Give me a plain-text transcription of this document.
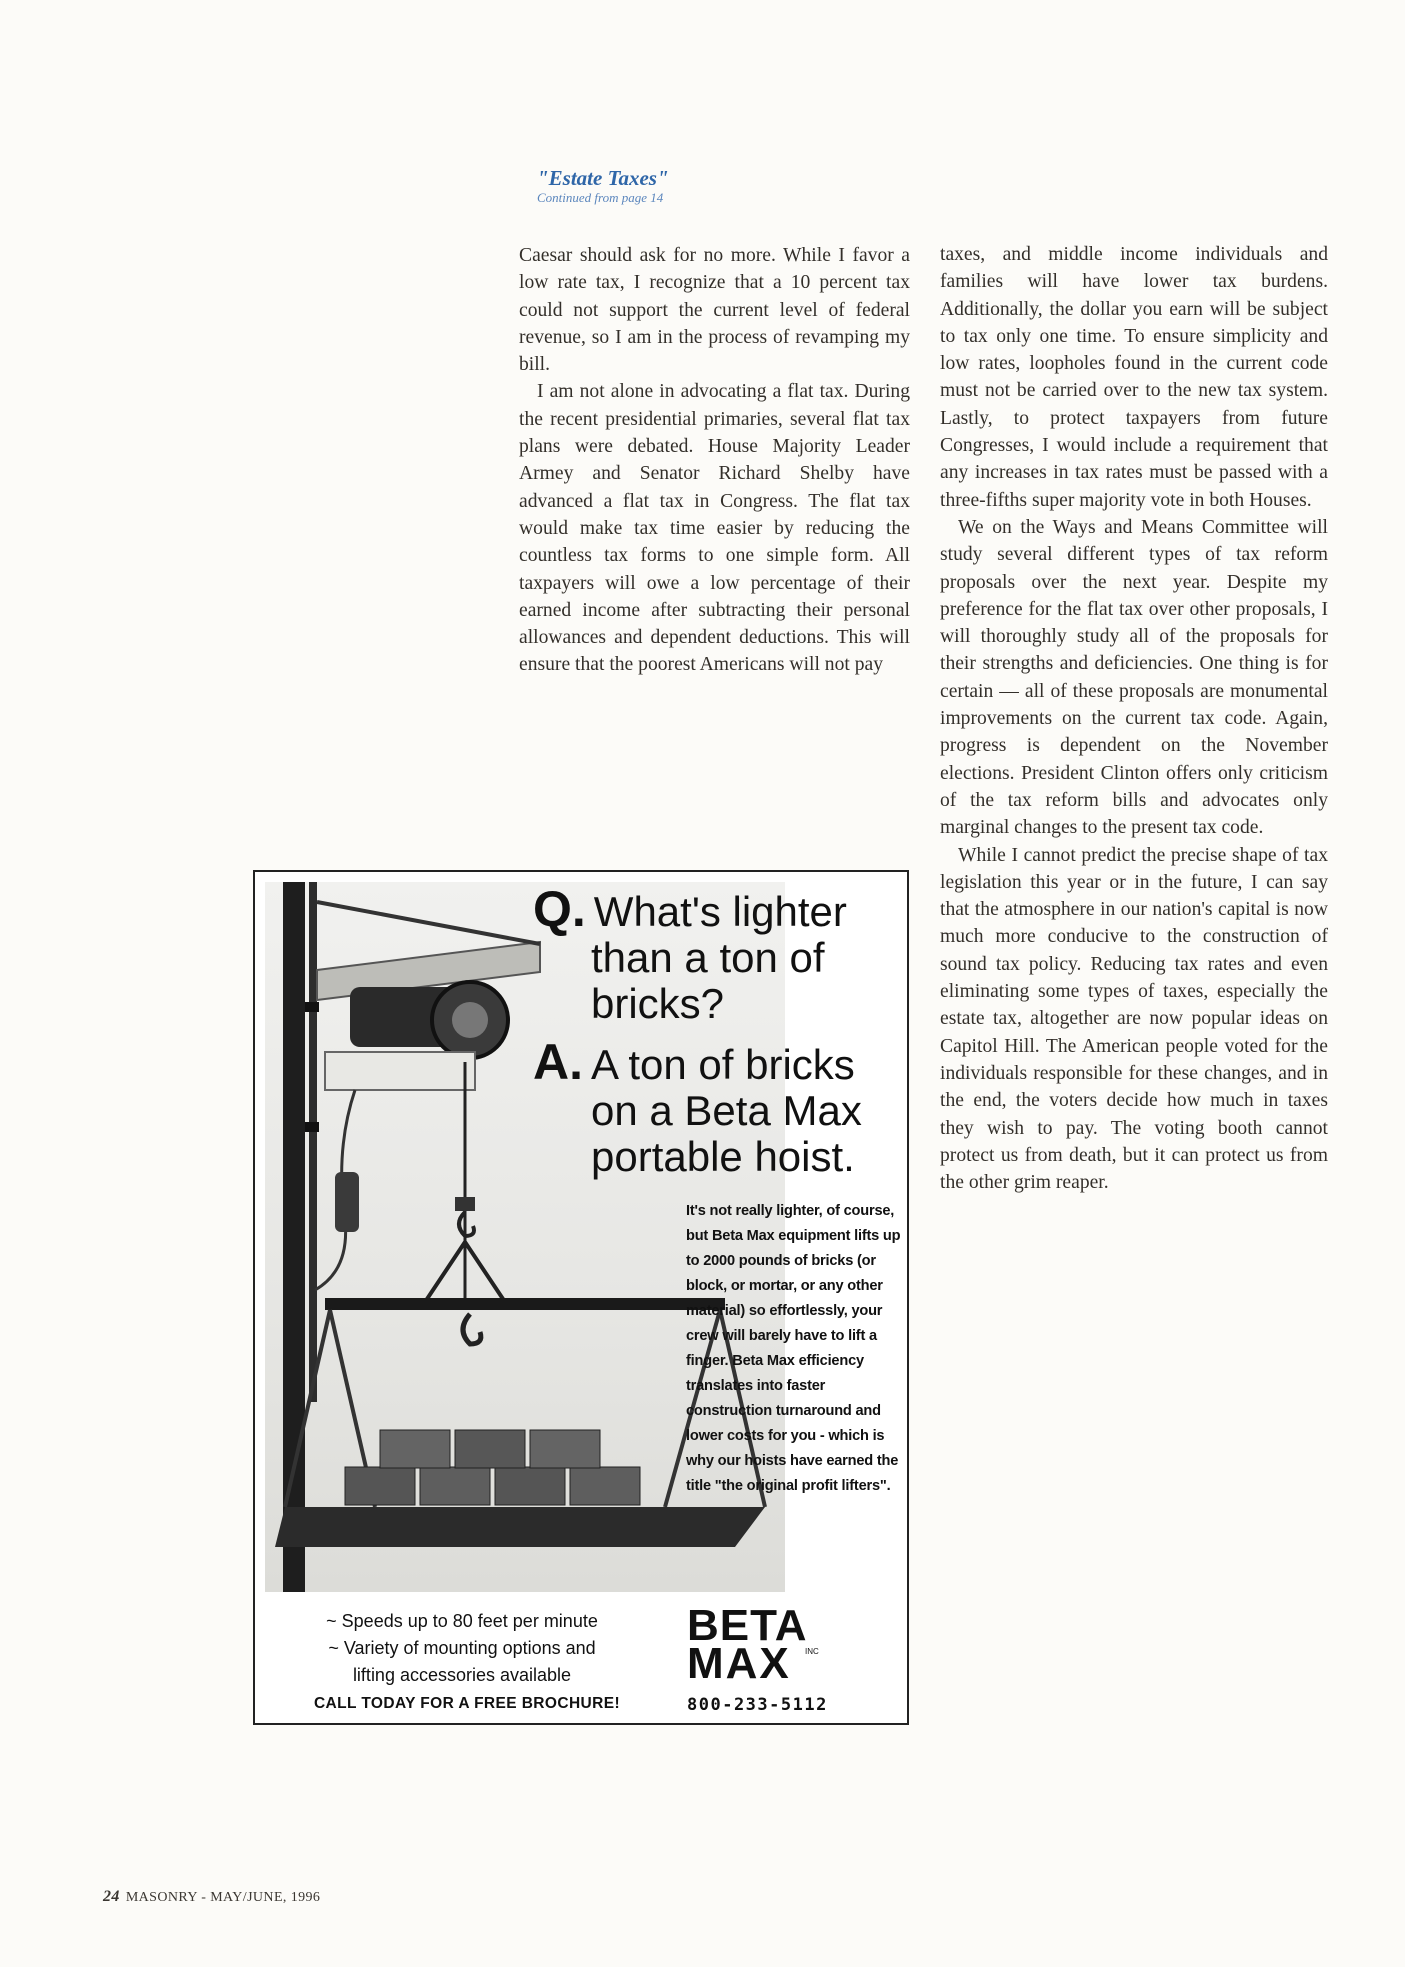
"Estate Taxes"
Continued from page 14

Caesar should ask for no more. While I favor a low rate tax, I recognize that a 10 percent tax could not support the current level of federal revenue, so I am in the process of revamping my bill.

I am not alone in advocating a flat tax. During the recent presidential primaries, several flat tax plans were debated. House Majority Leader Armey and Senator Richard Shelby have advanced a flat tax in Congress. The flat tax would make tax time easier by reducing the countless tax forms to one simple form. All taxpayers will owe a low percentage of their earned income after subtracting their personal allowances and dependent deductions. This will ensure that the poorest Americans will not pay

taxes, and middle income individuals and families will have lower tax burdens. Additionally, the dollar you earn will be subject to tax only one time. To ensure simplicity and low rates, loopholes found in the current code must not be carried over to the new tax system. Lastly, to protect taxpayers from future Congresses, I would include a requirement that any increases in tax rates must be passed with a three-fifths super majority vote in both Houses.

We on the Ways and Means Committee will study several different types of tax reform proposals over the next year. Despite my preference for the flat tax over other proposals, I will thoroughly study all of the proposals for their strengths and deficiencies. One thing is for certain — all of these proposals are monumental improvements on the current tax code. Again, progress is dependent on the November elections. President Clinton offers only criticism of the tax reform bills and advocates only marginal changes to the present tax code.

While I cannot predict the precise shape of tax legislation this year or in the future, I can say that the atmosphere in our nation's capital is now much more conducive to the construction of sound tax policy. Reducing tax rates and even eliminating some types of taxes, especially the estate tax, altogether are now popular ideas on Capitol Hill. The American people voted for the individuals responsible for these changes, and in the end, the voters decide how much in taxes they wish to pay. The voting booth cannot protect us from death, but it can protect us from the other grim reaper.

Q. What's lighter
than a ton of
bricks?
A. A ton of bricks
on a Beta Max
portable hoist.
It's not really lighter, of course, but Beta Max equipment lifts up to 2000 pounds of bricks (or block, or mortar, or any other material) so effortlessly, your crew will barely have to lift a finger. Beta Max efficiency translates into faster construction turnaround and lower costs for you - which is why our hoists have earned the title "the original profit lifters".
~ Speeds up to 80 feet per minute
~ Variety of mounting options and
lifting accessories available
CALL TODAY FOR A FREE BROCHURE!
BETA
MAX INC
800-233-5112
24 MASONRY - MAY/JUNE, 1996
